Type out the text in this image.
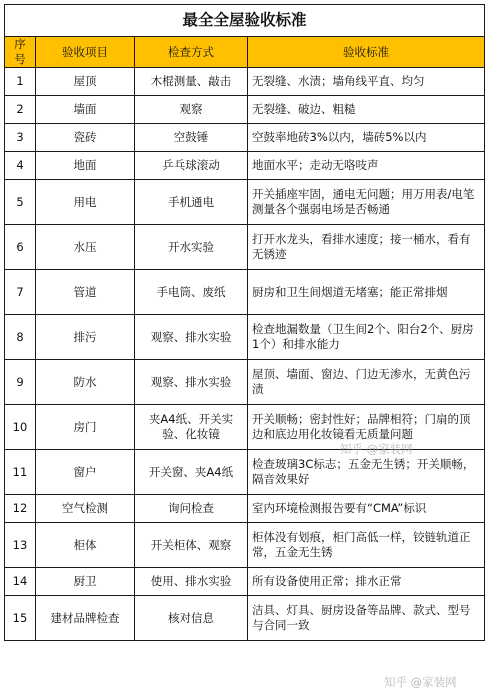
最全全屋验收标准			
序号	验收项目	检查方式	验收标准
1	屋顶	木棍测量、敲击	无裂缝、水渍；墙角线平直、均匀
2	墙面	观察	无裂缝、破边、粗糙
3	瓷砖	空鼓锤	空鼓率地砖3%以内，墙砖5%以内
4	地面	乒乓球滚动	地面水平；走动无咯吱声
5	用电	手机通电	开关插座牢固，通电无问题；用万用表/电笔测量各个强弱电场是否畅通
6	水压	开水实验	打开水龙头，看排水速度；接一桶水，看有无锈迹
7	管道	手电筒、废纸	厨房和卫生间烟道无堵塞；能正常排烟
8	排污	观察、排水实验	检查地漏数量（卫生间2个、阳台2个、厨房1个）和排水能力
9	防水	观察、排水实验	屋顶、墙面、窗边、门边无渗水，无黄色污渍
10	房门	夹A4纸、开关实验、化妆镜	开关顺畅；密封性好；品牌相符；门扇的顶边和底边用化妆镜看无质量问题
11	窗户	开关窗、夹A4纸	检查玻璃3C标志；五金无生锈；开关顺畅，隔音效果好
12	空气检测	询问检查	室内环境检测报告要有“CMA”标识
13	柜体	开关柜体、观察	柜体没有划痕，柜门高低一样，铰链轨道正常，五金无生锈
14	厨卫	使用、排水实验	所有设备使用正常；排水正常
15	建材品牌检查	核对信息	洁具、灯具、厨房设备等品牌、款式、型号与合同一致
知乎 @家装网
知乎 @家装网
